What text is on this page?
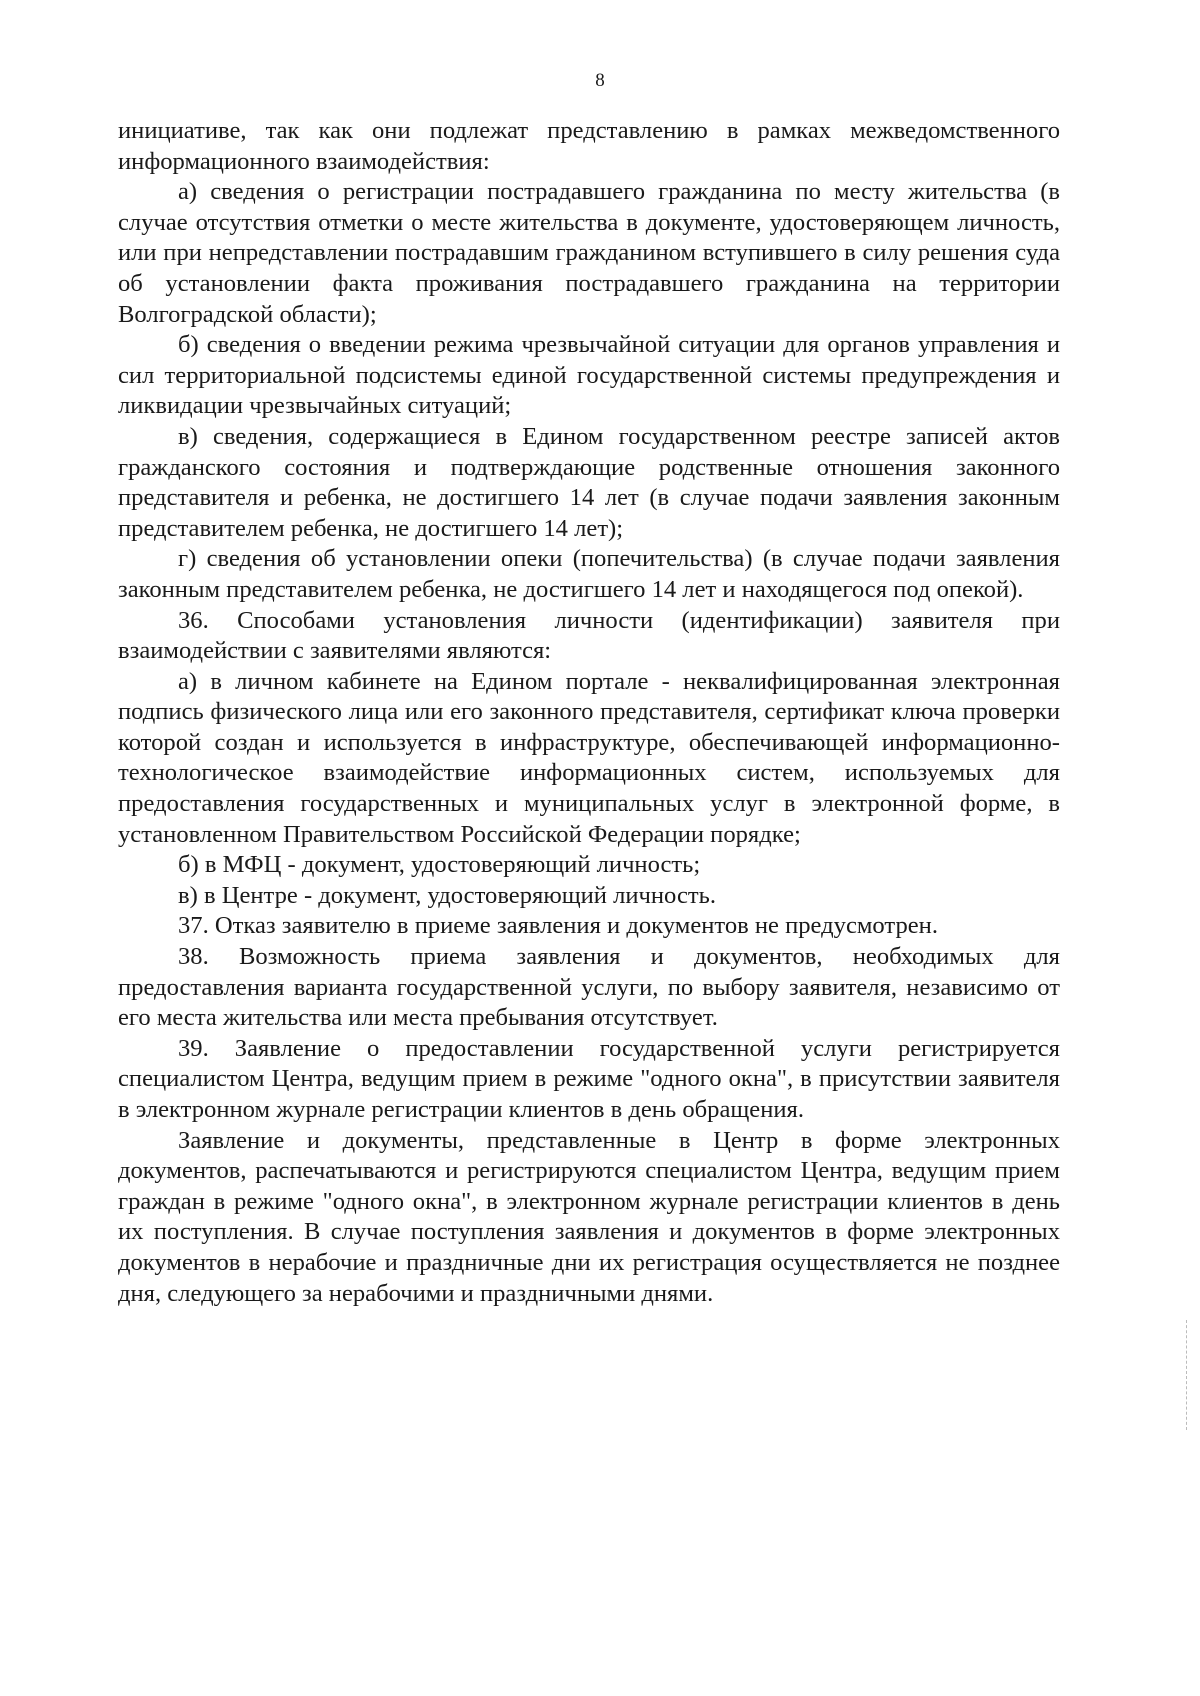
8

инициативе, так как они подлежат представлению в рамках межведомственного информационного взаимодействия:

а) сведения о регистрации пострадавшего гражданина по месту жительства (в случае отсутствия отметки о месте жительства в документе, удостоверяющем личность, или при непредставлении пострадавшим гражданином вступившего в силу решения суда об установлении факта проживания пострадавшего гражданина на территории Волгоградской области);

б) сведения о введении режима чрезвычайной ситуации для органов управления и сил территориальной подсистемы единой государственной системы предупреждения и ликвидации чрезвычайных ситуаций;

в) сведения, содержащиеся в Едином государственном реестре записей актов гражданского состояния и подтверждающие родственные отношения законного представителя и ребенка, не достигшего 14 лет (в случае подачи заявления законным представителем ребенка, не достигшего 14 лет);

г) сведения об установлении опеки (попечительства) (в случае подачи заявления законным представителем ребенка, не достигшего 14 лет и находящегося под опекой).

36. Способами установления личности (идентификации) заявителя при взаимодействии с заявителями являются:

а) в личном кабинете на Едином портале - неквалифицированная электронная подпись физического лица или его законного представителя, сертификат ключа проверки которой создан и используется в инфраструктуре, обеспечивающей информационно-технологическое взаимодействие информационных систем, используемых для предоставления государственных и муниципальных услуг в электронной форме, в установленном Правительством Российской Федерации порядке;

б) в МФЦ - документ, удостоверяющий личность;

в) в Центре - документ, удостоверяющий личность.

37. Отказ заявителю в приеме заявления и документов не предусмотрен.

38. Возможность приема заявления и документов, необходимых для предоставления варианта государственной услуги, по выбору заявителя, независимо от его места жительства или места пребывания отсутствует.

39. Заявление о предоставлении государственной услуги регистрируется специалистом Центра, ведущим прием в режиме "одного окна", в присутствии заявителя в электронном журнале регистрации клиентов в день обращения.

Заявление и документы, представленные в Центр в форме электронных документов, распечатываются и регистрируются специалистом Центра, ведущим прием граждан в режиме "одного окна", в электронном журнале регистрации клиентов в день их поступления. В случае поступления заявления и документов в форме электронных документов в нерабочие и праздничные дни их регистрация осуществляется не позднее дня, следующего за нерабочими и праздничными днями.
